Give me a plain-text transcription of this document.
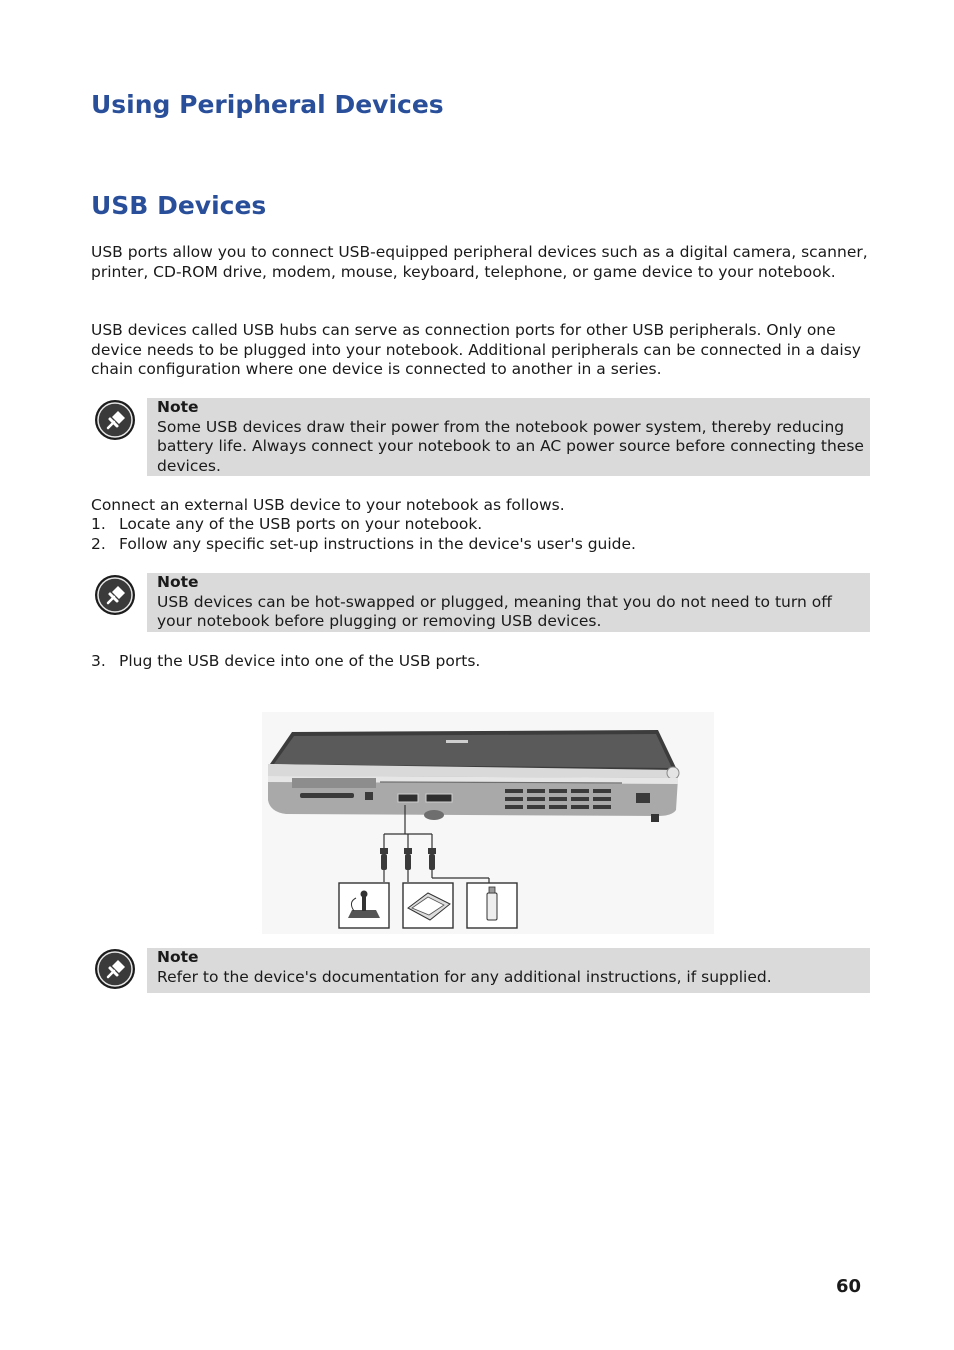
Using Peripheral Devices
USB Devices

USB ports allow you to connect USB-equipped peripheral devices such as a digital camera, scanner, printer, CD-ROM drive, modem, mouse, keyboard, telephone, or game device to your notebook.

USB devices called USB hubs can serve as connection ports for other USB peripherals. Only one device needs to be plugged into your notebook. Additional peripherals can be connected in a daisy chain configuration where one device is connected to another in a series.

Note
Some USB devices draw their power from the notebook power system, thereby reducing battery life. Always connect your notebook to an AC power source before connecting these devices.
Connect an external USB device to your notebook as follows.
1. Locate any of the USB ports on your notebook.
2. Follow any specific set-up instructions in the device's user's guide.
Note
USB devices can be hot-swapped or plugged, meaning that you do not need to turn off your notebook before plugging or removing USB devices.
3. Plug the USB device into one of the USB ports.
Note
Refer to the device's documentation for any additional instructions, if supplied.
60
